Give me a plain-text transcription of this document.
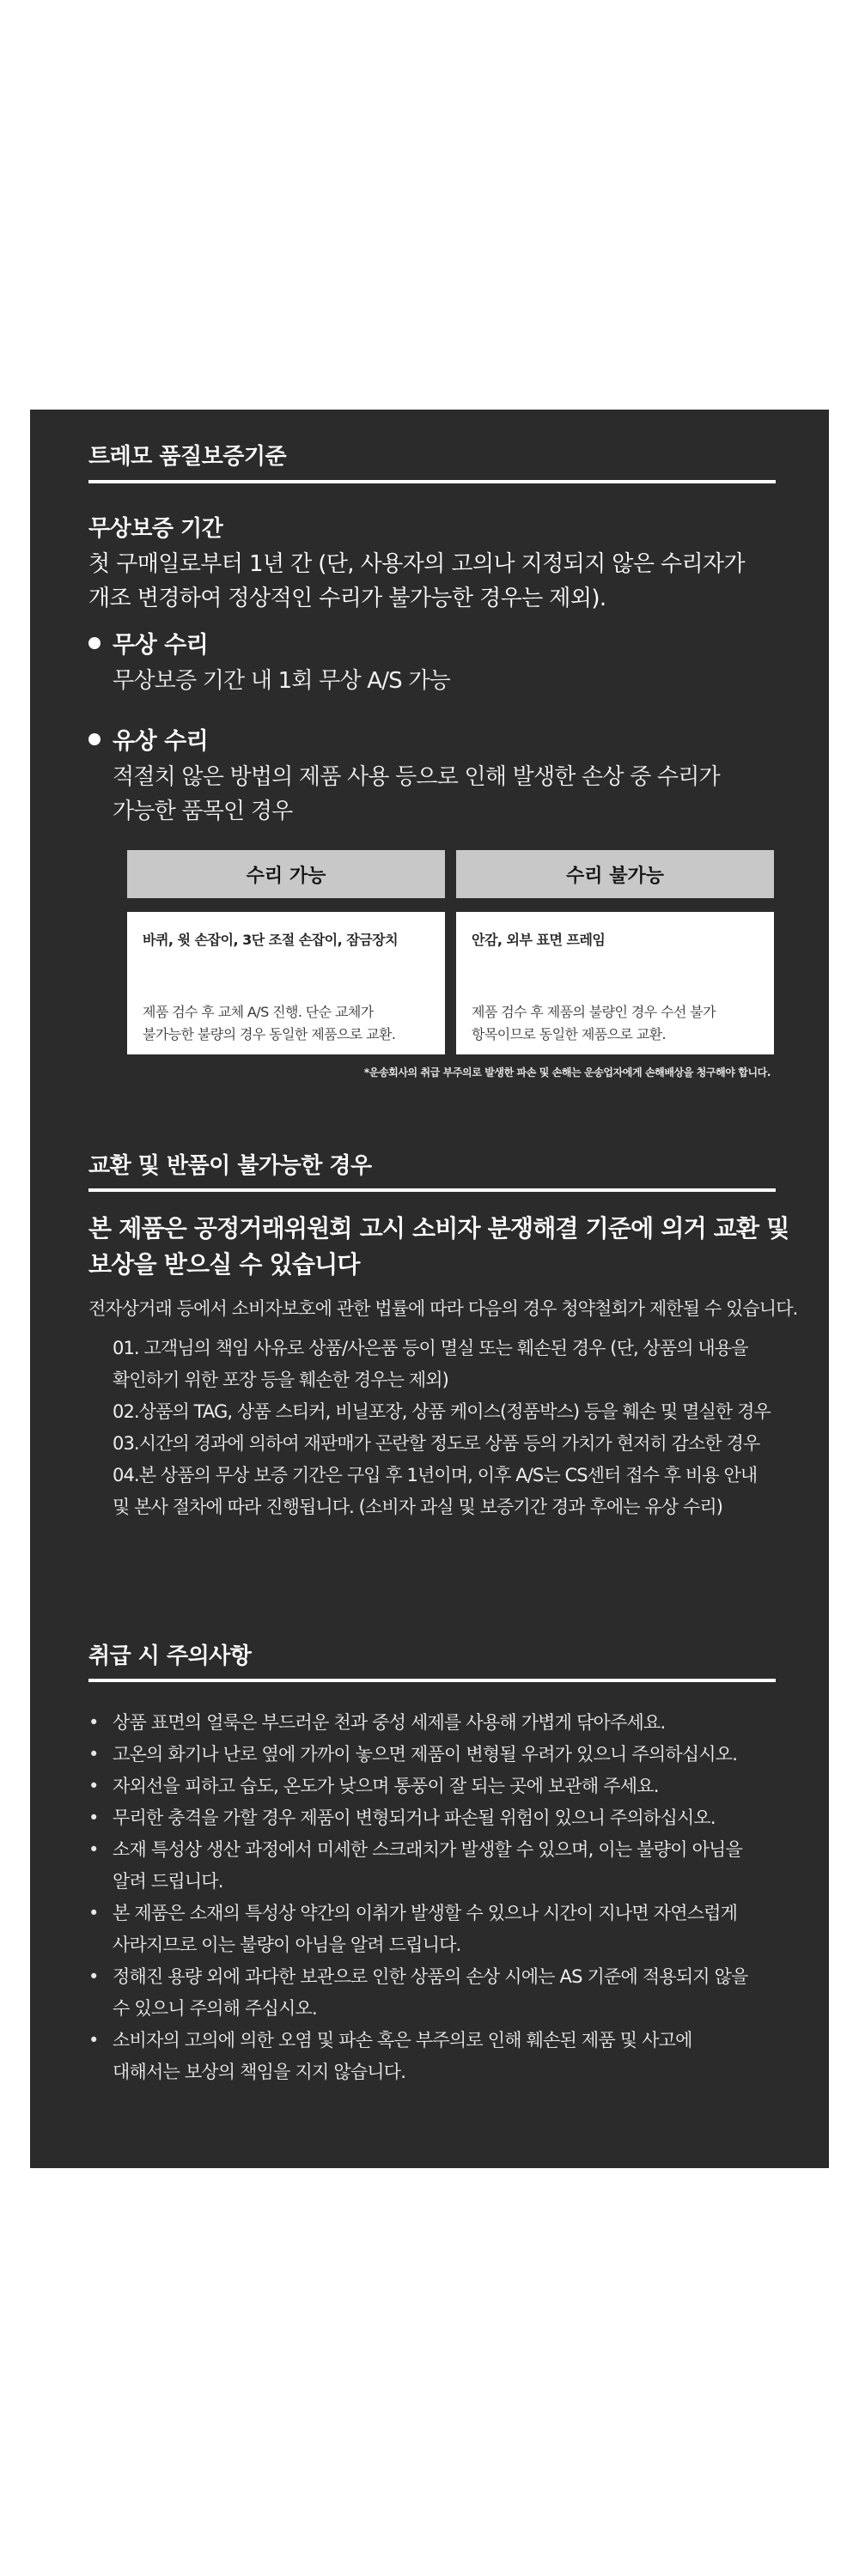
트레모 품질보증기준
무상보증 기간
첫 구매일로부터 1년 간 (단, 사용자의 고의나 지정되지 않은 수리자가
개조 변경하여 정상적인 수리가 불가능한 경우는 제외).
무상 수리
무상보증 기간 내 1회 무상 A/S 가능
유상 수리
적절치 않은 방법의 제품 사용 등으로 인해 발생한 손상 중 수리가
가능한 품목인 경우
수리 가능	수리 불가능
바퀴, 윗 손잡이, 3단 조절 손잡이, 잠금장치
제품 검수 후 교체 A/S 진행. 단순 교체가
불가능한 불량의 경우 동일한 제품으로 교환.
안감, 외부 표면 프레임
제품 검수 후 제품의 불량인 경우 수선 불가
항목이므로 동일한 제품으로 교환.
*운송회사의 취급 부주의로 발생한 파손 및 손해는 운송업자에게 손해배상을 청구해야 합니다.
교환 및 반품이 불가능한 경우
본 제품은 공정거래위원회 고시 소비자 분쟁해결 기준에 의거 교환 및
보상을 받으실 수 있습니다
전자상거래 등에서 소비자보호에 관한 법률에 따라 다음의 경우 청약철회가 제한될 수 있습니다.
01. 고객님의 책임 사유로 상품/사은품 등이 멸실 또는 훼손된 경우 (단, 상품의 내용을
확인하기 위한 포장 등을 훼손한 경우는 제외)
02.상품의 TAG, 상품 스티커, 비닐포장, 상품 케이스(정품박스) 등을 훼손 및 멸실한 경우
03.시간의 경과에 의하여 재판매가 곤란할 정도로 상품 등의 가치가 현저히 감소한 경우
04.본 상품의 무상 보증 기간은 구입 후 1년이며, 이후 A/S는 CS센터 접수 후 비용 안내
및 본사 절차에 따라 진행됩니다. (소비자 과실 및 보증기간 경과 후에는 유상 수리)
취급 시 주의사항
• 상품 표면의 얼룩은 부드러운 천과 중성 세제를 사용해 가볍게 닦아주세요.
• 고온의 화기나 난로 옆에 가까이 놓으면 제품이 변형될 우려가 있으니 주의하십시오.
• 자외선을 피하고 습도, 온도가 낮으며 통풍이 잘 되는 곳에 보관해 주세요.
• 무리한 충격을 가할 경우 제품이 변형되거나 파손될 위험이 있으니 주의하십시오.
• 소재 특성상 생산 과정에서 미세한 스크래치가 발생할 수 있으며, 이는 불량이 아님을
알려 드립니다.
• 본 제품은 소재의 특성상 약간의 이취가 발생할 수 있으나 시간이 지나면 자연스럽게
사라지므로 이는 불량이 아님을 알려 드립니다.
• 정해진 용량 외에 과다한 보관으로 인한 상품의 손상 시에는 AS 기준에 적용되지 않을
수 있으니 주의해 주십시오.
• 소비자의 고의에 의한 오염 및 파손 혹은 부주의로 인해 훼손된 제품 및 사고에
대해서는 보상의 책임을 지지 않습니다.
